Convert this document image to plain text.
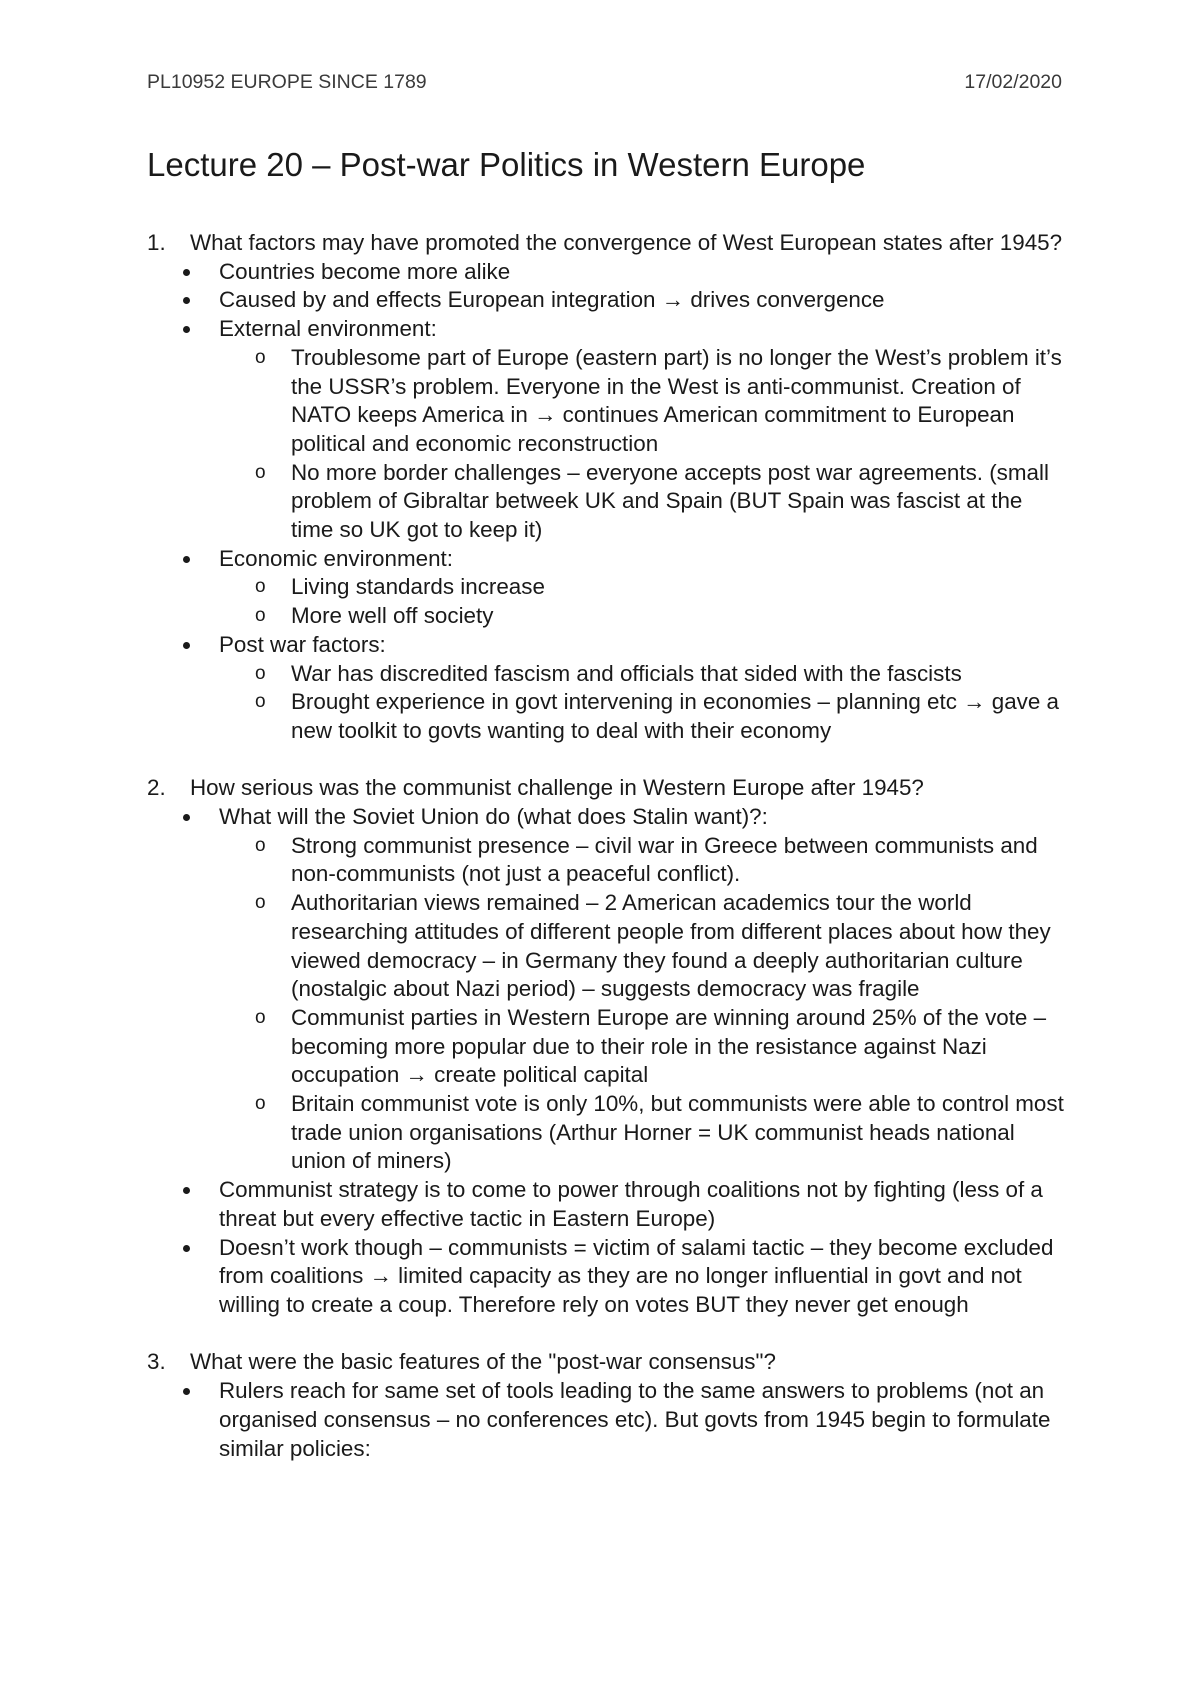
PL10952 EUROPE SINCE 1789	17/02/2020
Lecture 20 – Post-war Politics in Western Europe
1. What factors may have promoted the convergence of West European states after 1945?
Countries become more alike
Caused by and effects European integration → drives convergence
External environment:
o Troublesome part of Europe (eastern part) is no longer the West’s problem it’s the USSR’s problem. Everyone in the West is anti-communist. Creation of NATO keeps America in → continues American commitment to European political and economic reconstruction
o No more border challenges – everyone accepts post war agreements. (small problem of Gibraltar betweek UK and Spain (BUT Spain was fascist at the time so UK got to keep it)
Economic environment:
o Living standards increase
o More well off society
Post war factors:
o War has discredited fascism and officials that sided with the fascists
o Brought experience in govt intervening in economies – planning etc → gave a new toolkit to govts wanting to deal with their economy
2. How serious was the communist challenge in Western Europe after 1945?
What will the Soviet Union do (what does Stalin want)?:
o Strong communist presence – civil war in Greece between communists and non-communists (not just a peaceful conflict).
o Authoritarian views remained – 2 American academics tour the world researching attitudes of different people from different places about how they viewed democracy – in Germany they found a deeply authoritarian culture (nostalgic about Nazi period) – suggests democracy was fragile
o Communist parties in Western Europe are winning around 25% of the vote – becoming more popular due to their role in the resistance against Nazi occupation → create political capital
o Britain communist vote is only 10%, but communists were able to control most trade union organisations (Arthur Horner = UK communist heads national union of miners)
Communist strategy is to come to power through coalitions not by fighting (less of a threat but every effective tactic in Eastern Europe)
Doesn’t work though – communists = victim of salami tactic – they become excluded from coalitions → limited capacity as they are no longer influential in govt and not willing to create a coup. Therefore rely on votes BUT they never get enough
3. What were the basic features of the "post-war consensus"?
Rulers reach for same set of tools leading to the same answers to problems (not an organised consensus – no conferences etc). But govts from 1945 begin to formulate similar policies:
